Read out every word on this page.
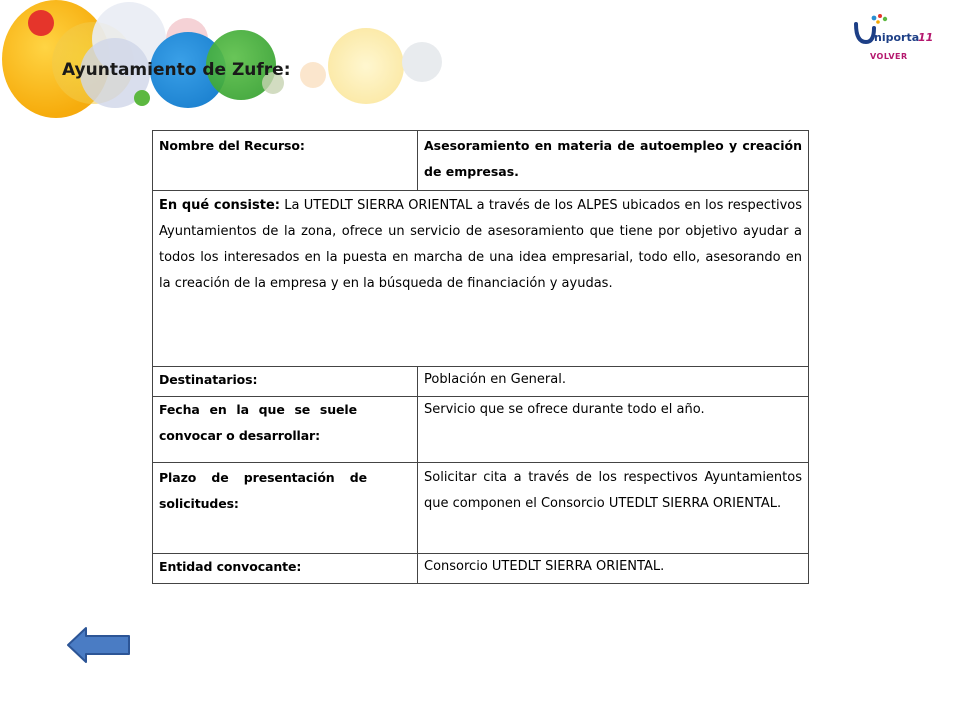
Ayuntamiento de Zufre:
niporta
11
VOLVER
Nombre del Recurso:	Asesoramiento en materia de autoempleo y creación de empresas.
En qué consiste: La UTEDLT SIERRA ORIENTAL a través de los ALPES ubicados en los respectivos Ayuntamientos de la zona, ofrece un servicio de asesoramiento que tiene por objetivo ayudar a todos los interesados en la puesta en marcha de una idea empresarial, todo ello, asesorando en la creación de la empresa y en la búsqueda de financiación y ayudas.	
Destinatarios:	Población en General.
Fecha en la que se suele convocar o desarrollar:	Servicio que se ofrece durante todo el año.
Plazo de presentación de solicitudes:	Solicitar cita a través de los respectivos Ayuntamientos que componen el Consorcio UTEDLT SIERRA ORIENTAL.
Entidad convocante:	Consorcio UTEDLT SIERRA ORIENTAL.
